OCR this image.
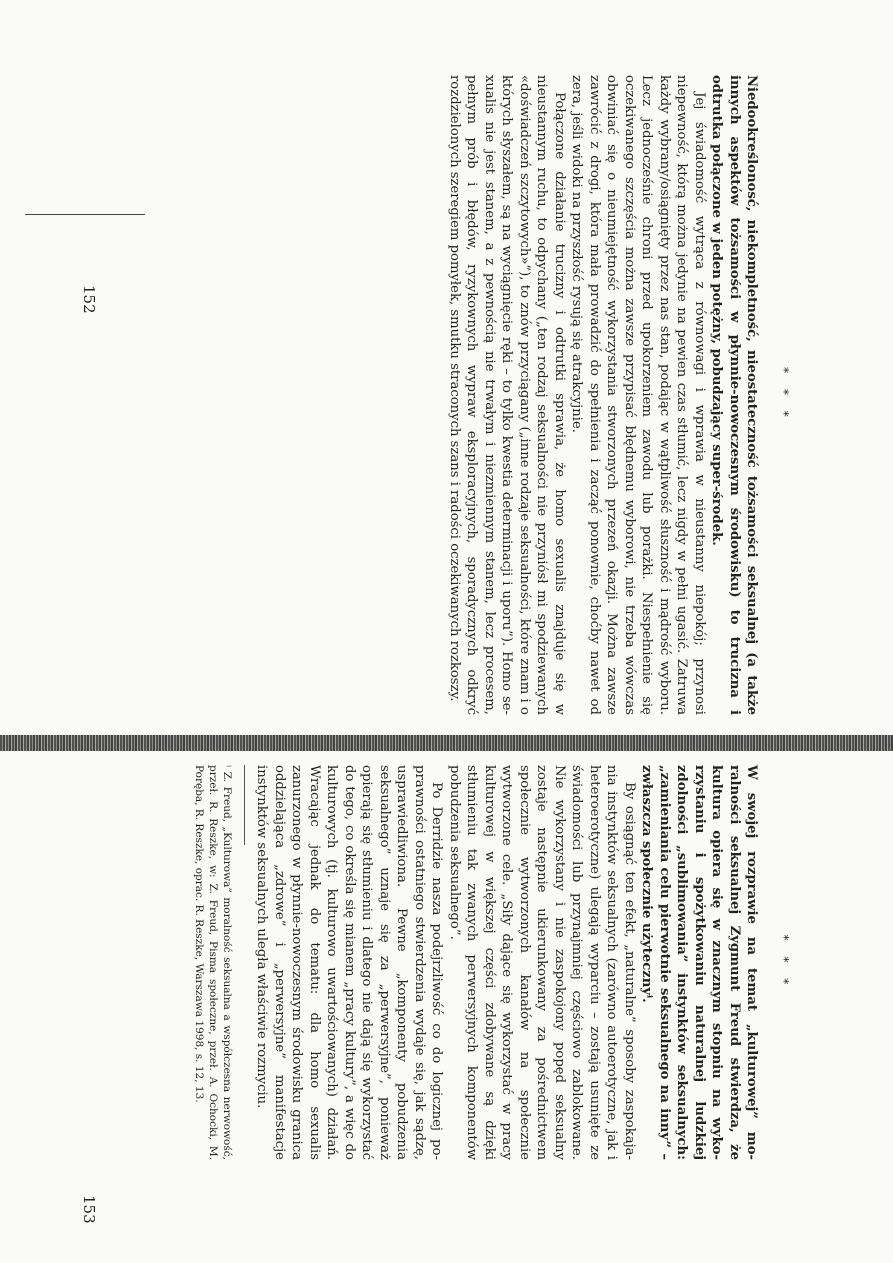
* * *

Niedookreślonosć, niekompletność, nieostateczność tożsamości seksualnej (a także innych aspektów tożsamości w płynnie-nowoczesnym środowisku) to trucizna i odtrutka połączone w jeden potężny, pobudzający super-środek.

Jej świadomość wytrąca z równowagi i wprawia w nieustanny niepokój; przynosi niepewność, którą można jedynie na pewien czas stłumić, lecz nigdy w pełni ugasić. Zatruwa każdy wybrany/osiągnięty przez nas stan, podając w wątpliwość słuszność i mądrość wyboru. Lecz jednocześnie chroni przed upokorzeniem zawodu lub porażki. Niespełnienie się oczekiwanego szczęścia można zawsze przypisać błędnemu wyborowi, nie trzeba wówczas obwiniać się o nieumiejętność wykorzystania stworzonych przezeń okazji. Można zawsze zawrócić z drogi, która mała prowadzić do spełnienia i zacząć ponownie, choćby nawet od zera, jeśli widoki na przyszłość rysują się atrakcyjnie.

Połączone działanie trucizny i odtrutki sprawia, że homo sexualis znajduje się w nieustannym ruchu, to odpychany („ten rodzaj seksualności nie przyniósł mi spodziewanych «doświadczeń szczytowych»”), to znów przyciągany („inne rodzaje seksualności, które znam i o których słyszałem, są na wyciągnięcie ręki – to tylko kwestia determinacji i uporu”). Homo sexualis nie jest stanem, a z pewnością nie trwałym i niezmiennym stanem, lecz procesem, pełnym prób i błędów, ryzykownych wypraw eksploracyjnych, sporadycznych odkryć rozdzielonych szeregiem pomyłek, smutku straconych szans i radości oczekiwanych rozkoszy.

152
* * *

W swojej rozprawie na temat „kulturowej” moralności seksualnej Zygmunt Freud stwierdza, że kultura opiera się w znacznym stopniu na wykorzystaniu i spożytkowaniu naturalnej ludzkiej zdolności „sublimowania” instynktów seksualnych: „zamieniania celu pierwotnie seksualnego na inny” – zwłaszcza społecznie użytecznyⁱ.

By osiągnąć ten efekt, „naturalne” sposoby zaspokajania instynktów seksualnych (zarówno autoerotyczne, jak i heteroerotyczne) ulegają wyparciu – zostają usunięte ze świadomości lub przynajmniej częściowo zablokowane. Nie wykorzystany i nie zaspokojony popęd seksualny zostaje następnie ukierunkowany za pośrednictwem społecznie wytworzonych kanałów na społecznie wytworzone cele. „Siły dające się wykorzystać w pracy kulturowej w większej części zdobywane są dzięki stłumieniu tak zwanych perwersyjnych komponentów pobudzenia seksualnego”.

Po Derridzie nasza podejrzliwość co do logicznej poprawności ostatniego stwierdzenia wydaje się, jak sądzę, usprawiedliwiona. Pewne „komponenty pobudzenia seksualnego” uznaje się za „perwersyjne”, ponieważ opierają się stłumieniu i dlatego nie dają się wykorzystać do tego, co określa się mianem „pracy kultury”, a więc do kulturowych (tj. kulturowo uwartościowanych) działań. Wracając jednak do tematu: dla homo sexualis zanurzonego w płynnie-nowoczesnym środowisku granica oddzielająca „zdrowe” i „perwersyjne” manifestacje instynktów seksualnych uległa właściwie rozmyciu.

ⁱ Z. Freud, „Kulturowa” moralność seksualna a współczesna nerwowość, przeł. R. Reszke, w: Z. Freud, Pisma społeczne, przeł. A. Ochocki, M. Poręba, R. Reszke, oprac. R. Reszke, Warszawa 1998, s. 12, 13.
153
